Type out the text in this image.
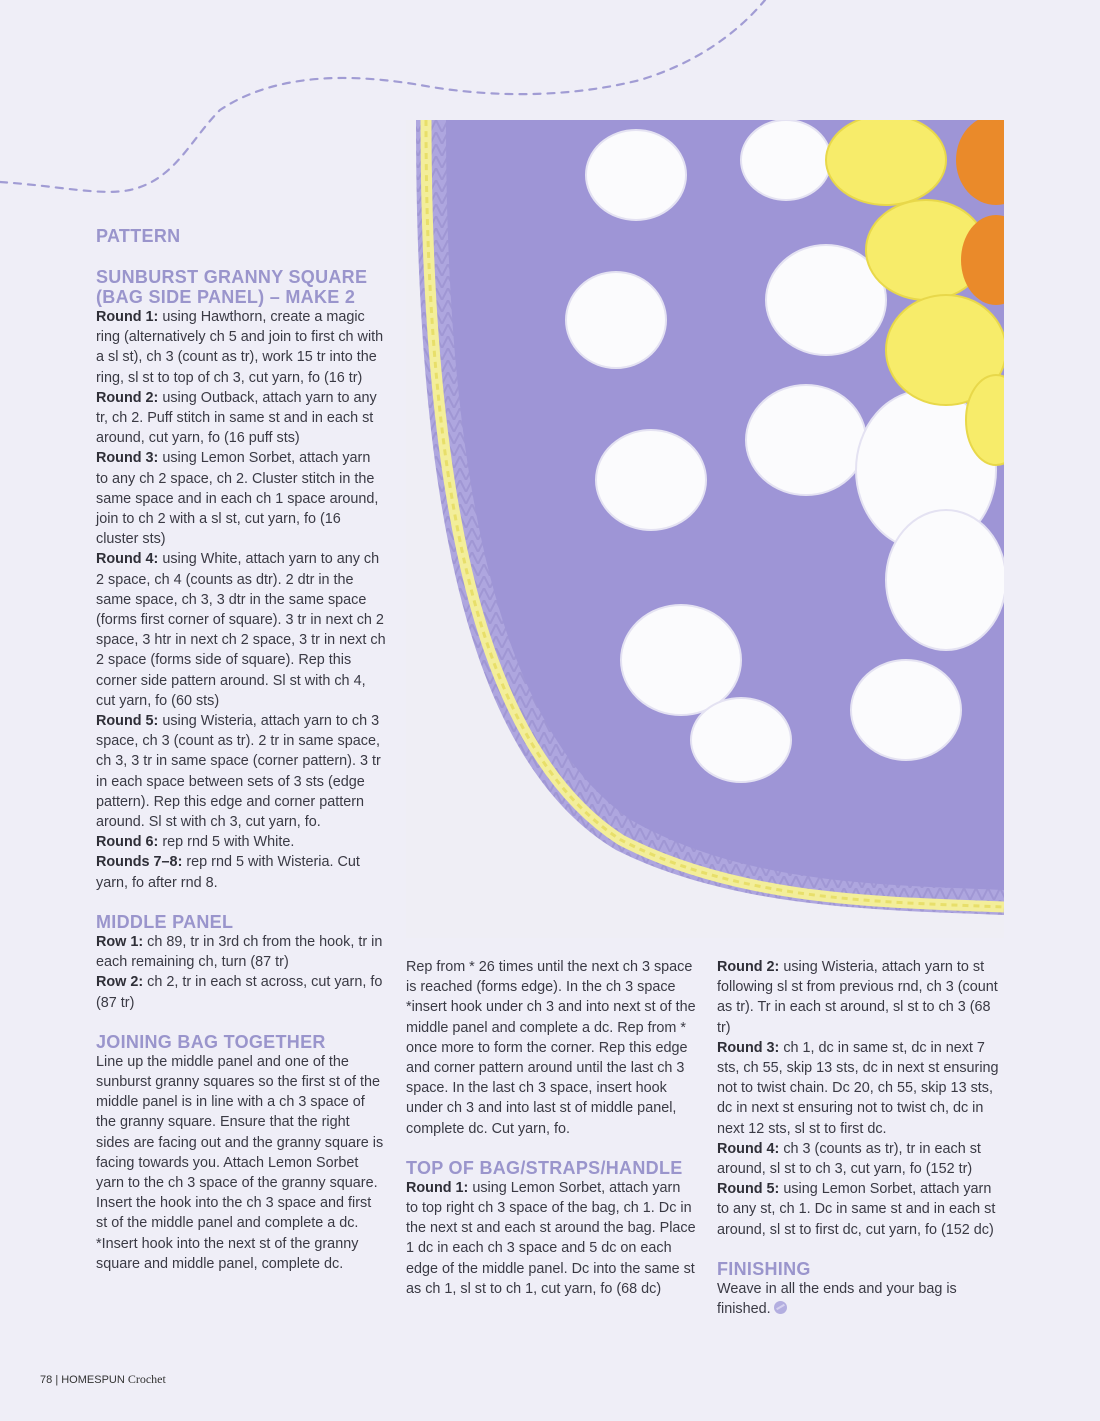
PATTERN

SUNBURST GRANNY SQUARE

(BAG SIDE PANEL) – MAKE 2

Round 1: using Hawthorn, create a magic ring (alternatively ch 5 and join to first ch with a sl st), ch 3 (count as tr), work 15 tr into the ring, sl st to top of ch 3, cut yarn, fo (16 tr)

Round 2: using Outback, attach yarn to any tr, ch 2. Puff stitch in same st and in each st around, cut yarn, fo (16 puff sts)

Round 3: using Lemon Sorbet, attach yarn to any ch 2 space, ch 2. Cluster stitch in the same space and in each ch 1 space around, join to ch 2 with a sl st, cut yarn, fo (16 cluster sts)

Round 4: using White, attach yarn to any ch 2 space, ch 4 (counts as dtr). 2 dtr in the same space, ch 3, 3 dtr in the same space (forms first corner of square). 3 tr in next ch 2 space, 3 htr in next ch 2 space, 3 tr in next ch 2 space (forms side of square). Rep this corner side pattern around. Sl st with ch 4, cut yarn, fo (60 sts)

Round 5: using Wisteria, attach yarn to ch 3 space, ch 3 (count as tr). 2 tr in same space, ch 3, 3 tr in same space (corner pattern). 3 tr in each space between sets of 3 sts (edge pattern). Rep this edge and corner pattern around. Sl st with ch 3, cut yarn, fo.

Round 6: rep rnd 5 with White.

Rounds 7–8: rep rnd 5 with Wisteria. Cut yarn, fo after rnd 8.

MIDDLE PANEL

Row 1: ch 89, tr in 3rd ch from the hook, tr in each remaining ch, turn (87 tr)

Row 2: ch 2, tr in each st across, cut yarn, fo (87 tr)

JOINING BAG TOGETHER

Line up the middle panel and one of the sunburst granny squares so the first st of the middle panel is in line with a ch 3 space of the granny square. Ensure that the right sides are facing out and the granny square is facing towards you. Attach Lemon Sorbet yarn to the ch 3 space of the granny square. Insert the hook into the ch 3 space and first st of the middle panel and complete a dc. *Insert hook into the next st of the granny square and middle panel, complete dc.

Rep from * 26 times until the next ch 3 space is reached (forms edge). In the ch 3 space *insert hook under ch 3 and into next st of the middle panel and complete a dc. Rep from * once more to form the corner. Rep this edge and corner pattern around until the last ch 3 space. In the last ch 3 space, insert hook under ch 3 and into last st of middle panel, complete dc. Cut yarn, fo.

TOP OF BAG/STRAPS/HANDLE

Round 1: using Lemon Sorbet, attach yarn to top right ch 3 space of the bag, ch 1. Dc in the next st and each st around the bag. Place 1 dc in each ch 3 space and 5 dc on each edge of the middle panel. Dc into the same st as ch 1, sl st to ch 1, cut yarn, fo (68 dc)

Round 2: using Wisteria, attach yarn to st following sl st from previous rnd, ch 3 (count as tr). Tr in each st around, sl st to ch 3 (68 tr)

Round 3: ch 1, dc in same st, dc in next 7 sts, ch 55, skip 13 sts, dc in next st ensuring not to twist chain. Dc 20, ch 55, skip 13 sts, dc in next st ensuring not to twist ch, dc in next 12 sts, sl st to first dc.

Round 4: ch 3 (counts as tr), tr in each st around, sl st to ch 3, cut yarn, fo (152 tr)

Round 5: using Lemon Sorbet, attach yarn to any st, ch 1. Dc in same st and in each st around, sl st to first dc, cut yarn, fo (152 dc)

FINISHING

Weave in all the ends and your bag is finished.

78 | HOMESPUN Crochet
